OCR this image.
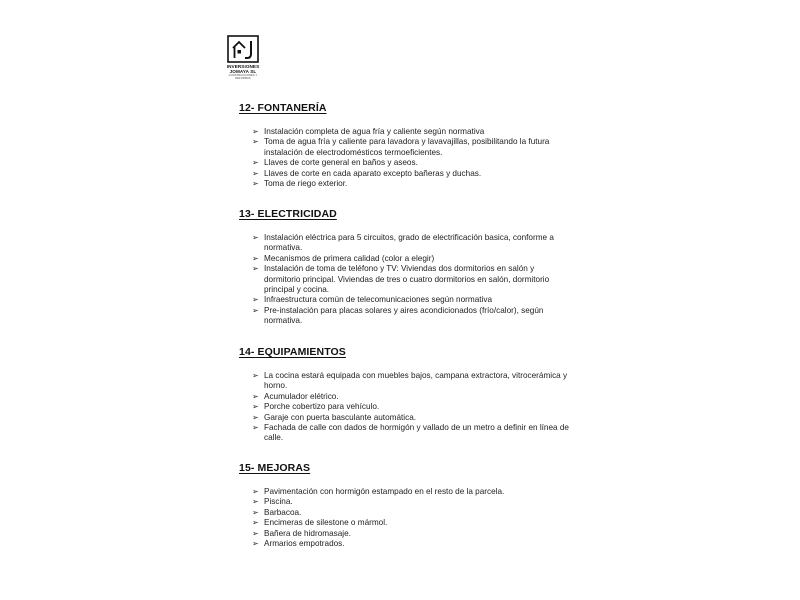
INVERSIONES
JOMAYA SL
CONSTRUCCIONES Y REFORMAS
12- FONTANERÍA
➢ Instalación completa de agua fría y caliente según normativa
➢ Toma de agua fría y caliente para lavadora y lavavajillas, posibilitando la futura instalación de electrodomésticos termoeficientes.
➢ Llaves de corte general en baños y aseos.
➢ Llaves de corte en cada aparato excepto bañeras y duchas.
➢ Toma de riego exterior.
13- ELECTRICIDAD
➢ Instalación eléctrica para 5 circuitos, grado de electrificación basica, conforme a normativa.
➢ Mecanismos de primera calidad (color a elegir)
➢ Instalación de toma de teléfono y TV: Viviendas dos dormitorios en salón y dormitorio principal. Viviendas de tres o cuatro dormitorios en salón, dormitorio principal y cocina.
➢ Infraestructura común de telecomunicaciones según normativa
➢ Pre-instalación para placas solares y aires acondicionados (frío/calor), según normativa.
14- EQUIPAMIENTOS
➢ La cocina estará equipada con muebles bajos, campana extractora, vitrocerámica y horno.
➢ Acumulador elétrico.
➢ Porche cobertizo para vehículo.
➢ Garaje con puerta basculante automática.
➢ Fachada de calle con dados de hormigón y vallado de un metro a definir en línea de calle.
15- MEJORAS
➢ Pavimentación con hormigón estampado en el resto de la parcela.
➢ Piscina.
➢ Barbacoa.
➢ Encimeras de silestone o mármol.
➢ Bañera de hidromasaje.
➢ Armarios empotrados.
